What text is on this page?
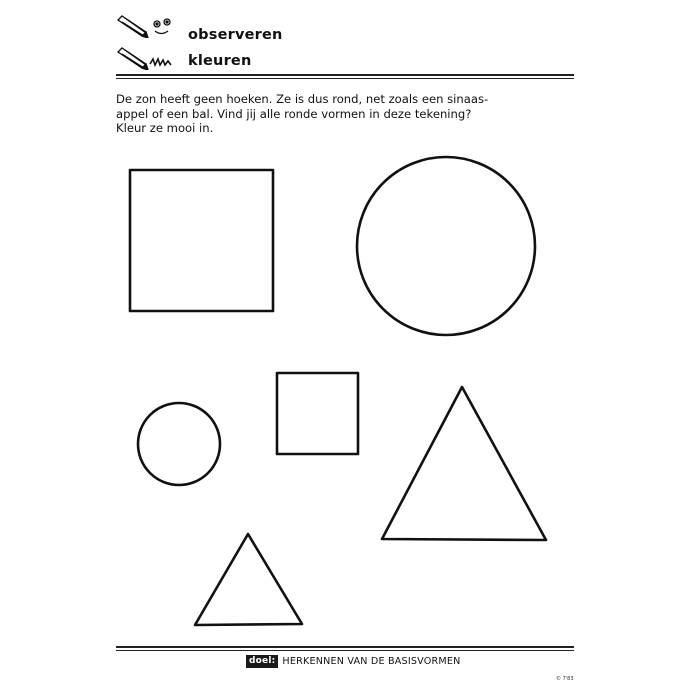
observeren
kleuren
De zon heeft geen hoeken. Ze is dus rond, net zoals een sinaas-
appel of een bal. Vind jij alle ronde vormen in deze tekening?
Kleur ze mooi in.
doel: HERKENNEN VAN DE BASISVORMEN
© 7'83
